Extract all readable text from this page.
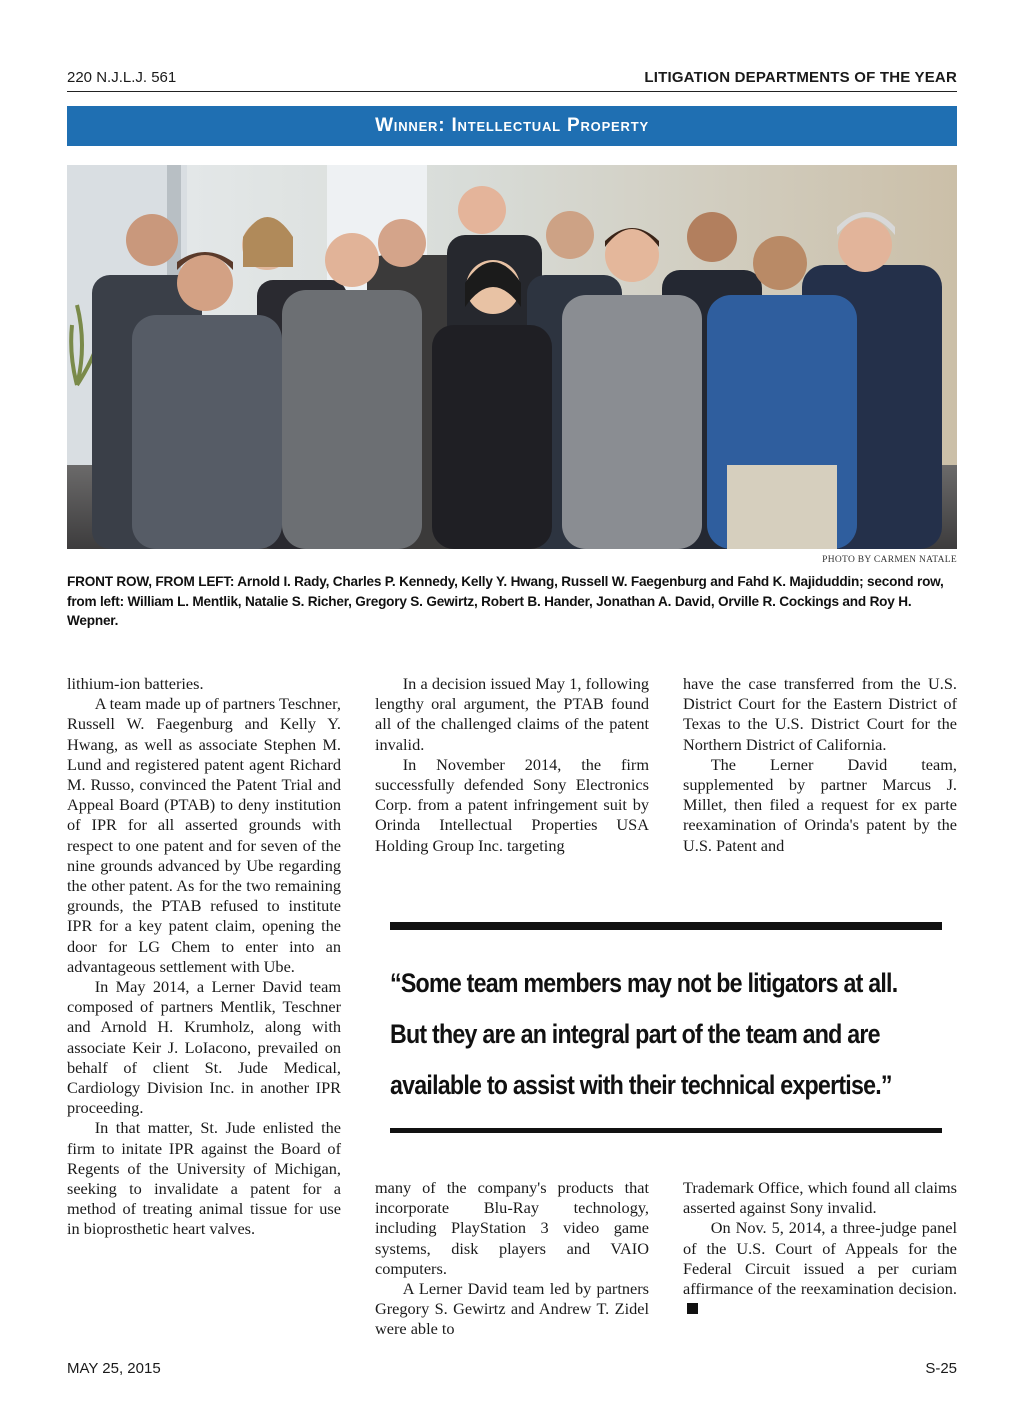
220 N.J.L.J. 561	LITIGATION DEPARTMENTS OF THE YEAR
Winner: Intellectual Property
PHOTO BY CARMEN NATALE
FRONT ROW, FROM LEFT: Arnold I. Rady, Charles P. Kennedy, Kelly Y. Hwang, Russell W. Faegenburg and Fahd K. Majiduddin; second row, from left: William L. Mentlik, Natalie S. Richer, Gregory S. Gewirtz, Robert B. Hander, Jonathan A. David, Orville R. Cockings and Roy H. Wepner.

lithium-ion batteries.

A team made up of partners Teschner, Russell W. Faegenburg and Kelly Y. Hwang, as well as associate Stephen M. Lund and registered patent agent Richard M. Russo, convinced the Patent Trial and Appeal Board (PTAB) to deny institution of IPR for all asserted grounds with respect to one patent and for seven of the nine grounds advanced by Ube regarding the other patent. As for the two remaining grounds, the PTAB refused to institute IPR for a key patent claim, opening the door for LG Chem to enter into an advantageous settlement with Ube.

In May 2014, a Lerner David team composed of partners Mentlik, Teschner and Arnold H. Krumholz, along with associate Keir J. LoIacono, prevailed on behalf of client St. Jude Medical, Cardiology Division Inc. in another IPR proceeding.

In that matter, St. Jude enlisted the firm to initate IPR against the Board of Regents of the University of Michigan, seeking to invalidate a patent for a method of treating animal tissue for use in bioprosthetic heart valves.

In a decision issued May 1, following lengthy oral argument, the PTAB found all of the challenged claims of the patent invalid.

In November 2014, the firm successfully defended Sony Electronics Corp. from a patent infringement suit by Orinda Intellectual Properties USA Holding Group Inc. targeting

have the case transferred from the U.S. District Court for the Eastern District of Texas to the U.S. District Court for the Northern District of California.

The Lerner David team, supplemented by partner Marcus J. Millet, then filed a request for ex parte reexamination of Orinda's patent by the U.S. Patent and

“Some team members may not be litigators at all.
But they are an integral part of the team and are
available to assist with their technical expertise.”

many of the company's products that incorporate Blu-Ray technology, including PlayStation 3 video game systems, disk players and VAIO computers.

A Lerner David team led by partners Gregory S. Gewirtz and Andrew T. Zidel were able to

Trademark Office, which found all claims asserted against Sony invalid.

On Nov. 5, 2014, a three-judge panel of the U.S. Court of Appeals for the Federal Circuit issued a per curiam affirmance of the reexamination decision.

MAY 25, 2015	S-25
